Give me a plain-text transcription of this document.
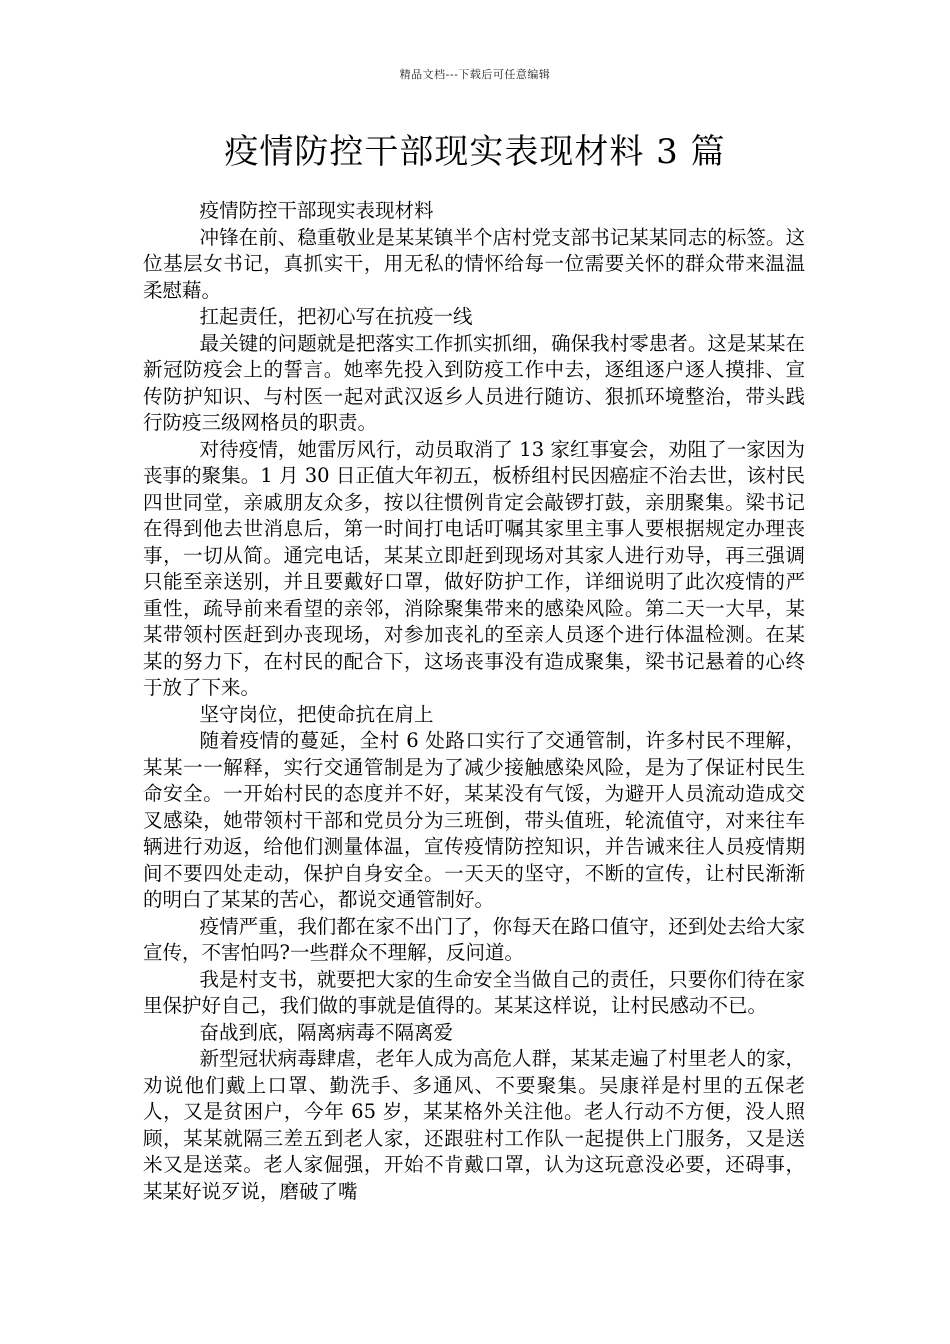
精品文档---下载后可任意编辑
疫情防控干部现实表现材料 3 篇

疫情防控干部现实表现材料

冲锋在前、稳重敬业是某某镇半个店村党支部书记某某同志的标签。这位基层女书记，真抓实干，用无私的情怀给每一位需要关怀的群众带来温温柔慰藉。

扛起责任，把初心写在抗疫一线

最关键的问题就是把落实工作抓实抓细，确保我村零患者。这是某某在新冠防疫会上的誓言。她率先投入到防疫工作中去，逐组逐户逐人摸排、宣传防护知识、与村医一起对武汉返乡人员进行随访、狠抓环境整治，带头践行防疫三级网格员的职责。

对待疫情，她雷厉风行，动员取消了 13 家红事宴会，劝阻了一家因为丧事的聚集。1 月 30 日正值大年初五，板桥组村民因癌症不治去世，该村民四世同堂，亲戚朋友众多，按以往惯例肯定会敲锣打鼓，亲朋聚集。梁书记在得到他去世消息后，第一时间打电话叮嘱其家里主事人要根据规定办理丧事，一切从简。通完电话，某某立即赶到现场对其家人进行劝导，再三强调只能至亲送别，并且要戴好口罩，做好防护工作，详细说明了此次疫情的严重性，疏导前来看望的亲邻，消除聚集带来的感染风险。第二天一大早，某某带领村医赶到办丧现场，对参加丧礼的至亲人员逐个进行体温检测。在某某的努力下，在村民的配合下，这场丧事没有造成聚集，梁书记悬着的心终于放了下来。

坚守岗位，把使命抗在肩上

随着疫情的蔓延，全村 6 处路口实行了交通管制，许多村民不理解，某某一一解释，实行交通管制是为了减少接触感染风险，是为了保证村民生命安全。一开始村民的态度并不好，某某没有气馁，为避开人员流动造成交叉感染，她带领村干部和党员分为三班倒，带头值班，轮流值守，对来往车辆进行劝返，给他们测量体温，宣传疫情防控知识，并告诫来往人员疫情期间不要四处走动，保护自身安全。一天天的坚守，不断的宣传，让村民渐渐的明白了某某的苦心，都说交通管制好。

疫情严重，我们都在家不出门了，你每天在路口值守，还到处去给大家宣传，不害怕吗?一些群众不理解，反问道。

我是村支书，就要把大家的生命安全当做自己的责任，只要你们待在家里保护好自己，我们做的事就是值得的。某某这样说，让村民感动不已。

奋战到底，隔离病毒不隔离爱

新型冠状病毒肆虐，老年人成为高危人群，某某走遍了村里老人的家，劝说他们戴上口罩、勤洗手、多通风、不要聚集。吴康祥是村里的五保老人，又是贫困户，今年 65 岁，某某格外关注他。老人行动不方便，没人照顾，某某就隔三差五到老人家，还跟驻村工作队一起提供上门服务，又是送米又是送菜。老人家倔强，开始不肯戴口罩，认为这玩意没必要，还碍事，某某好说歹说，磨破了嘴
